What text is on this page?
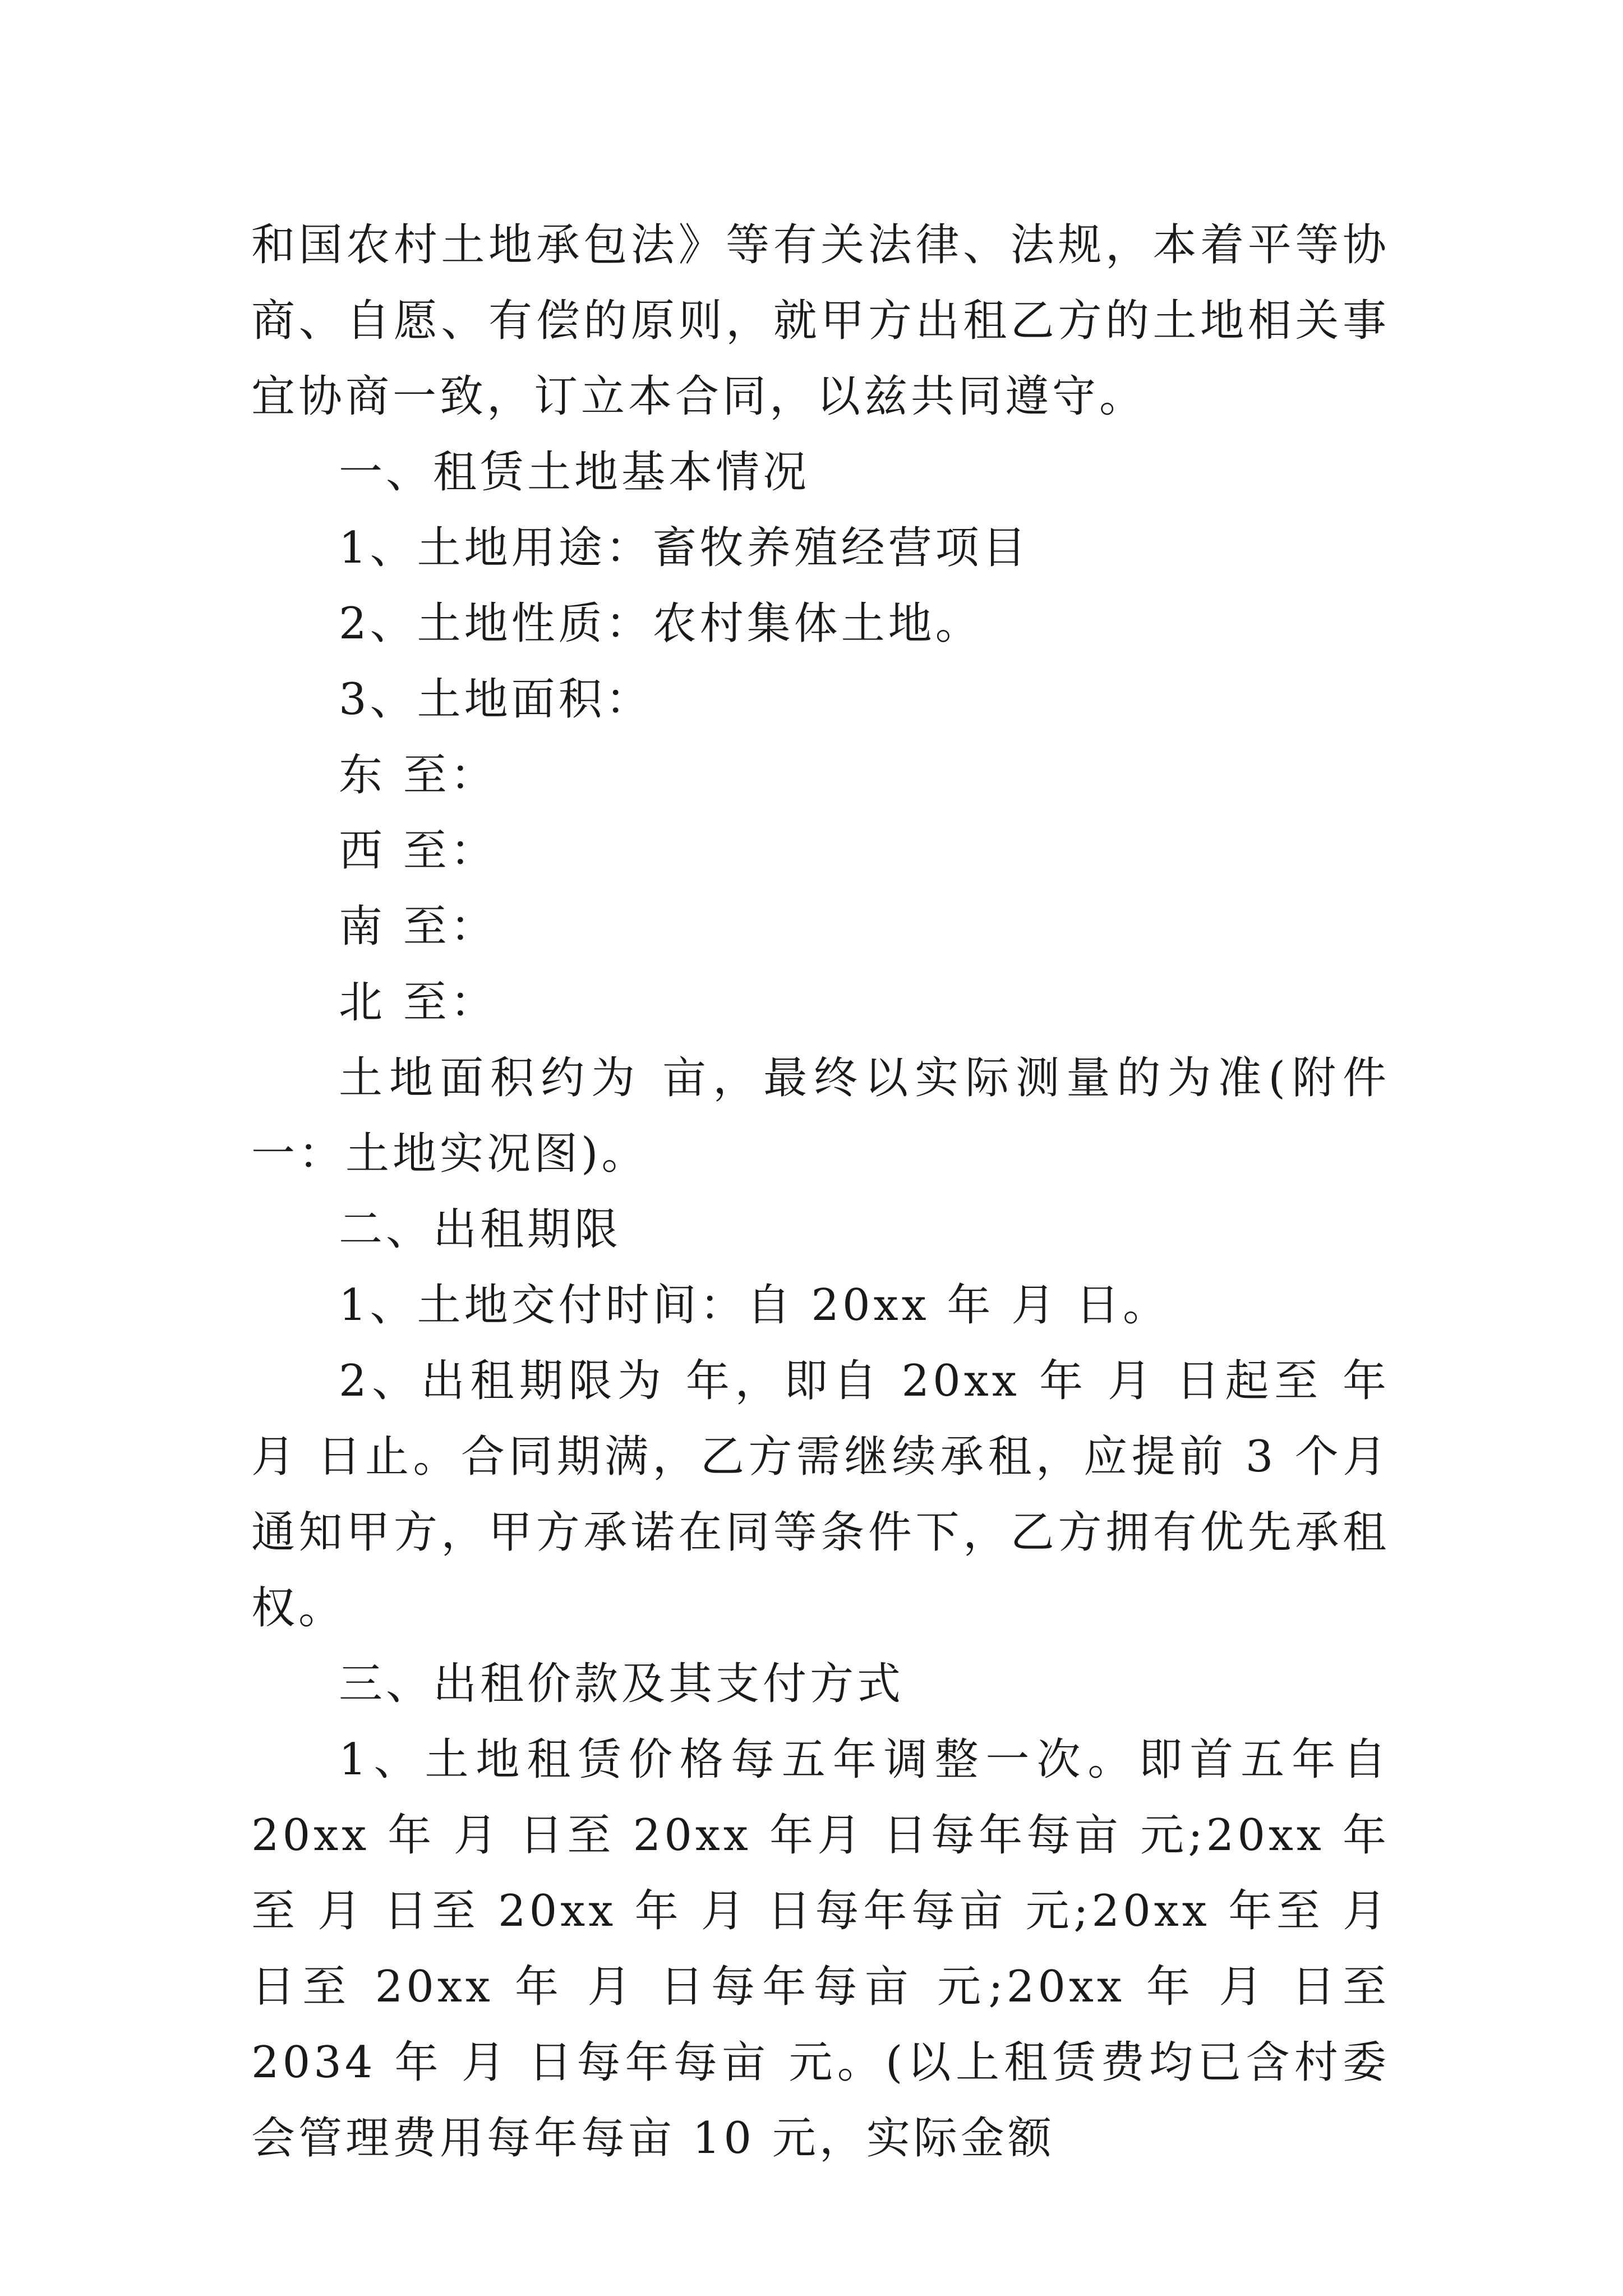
和国农村土地承包法》等有关法律、法规，本着平等协商、自愿、有偿的原则，就甲方出租乙方的土地相关事宜协商一致，订立本合同，以兹共同遵守。

一、租赁土地基本情况

1、土地用途：畜牧养殖经营项目

2、土地性质：农村集体土地。

3、土地面积：

东 至：

西 至：

南 至：

北 至：

土地面积约为 亩，最终以实际测量的为准(附件一：土地实况图)。

二、出租期限

1、土地交付时间：自 20xx 年 月 日。

2、出租期限为 年，即自 20xx 年 月 日起至 年 月 日止。合同期满，乙方需继续承租，应提前 3 个月通知甲方，甲方承诺在同等条件下，乙方拥有优先承租权。

三、出租价款及其支付方式

1、土地租赁价格每五年调整一次。即首五年自 20xx 年 月 日至 20xx 年月 日每年每亩 元;20xx 年至 月 日至 20xx 年 月 日每年每亩 元;20xx 年至 月 日至 20xx 年 月 日每年每亩 元;20xx 年 月 日至 2034 年 月 日每年每亩 元。(以上租赁费均已含村委会管理费用每年每亩 10 元，实际金额
